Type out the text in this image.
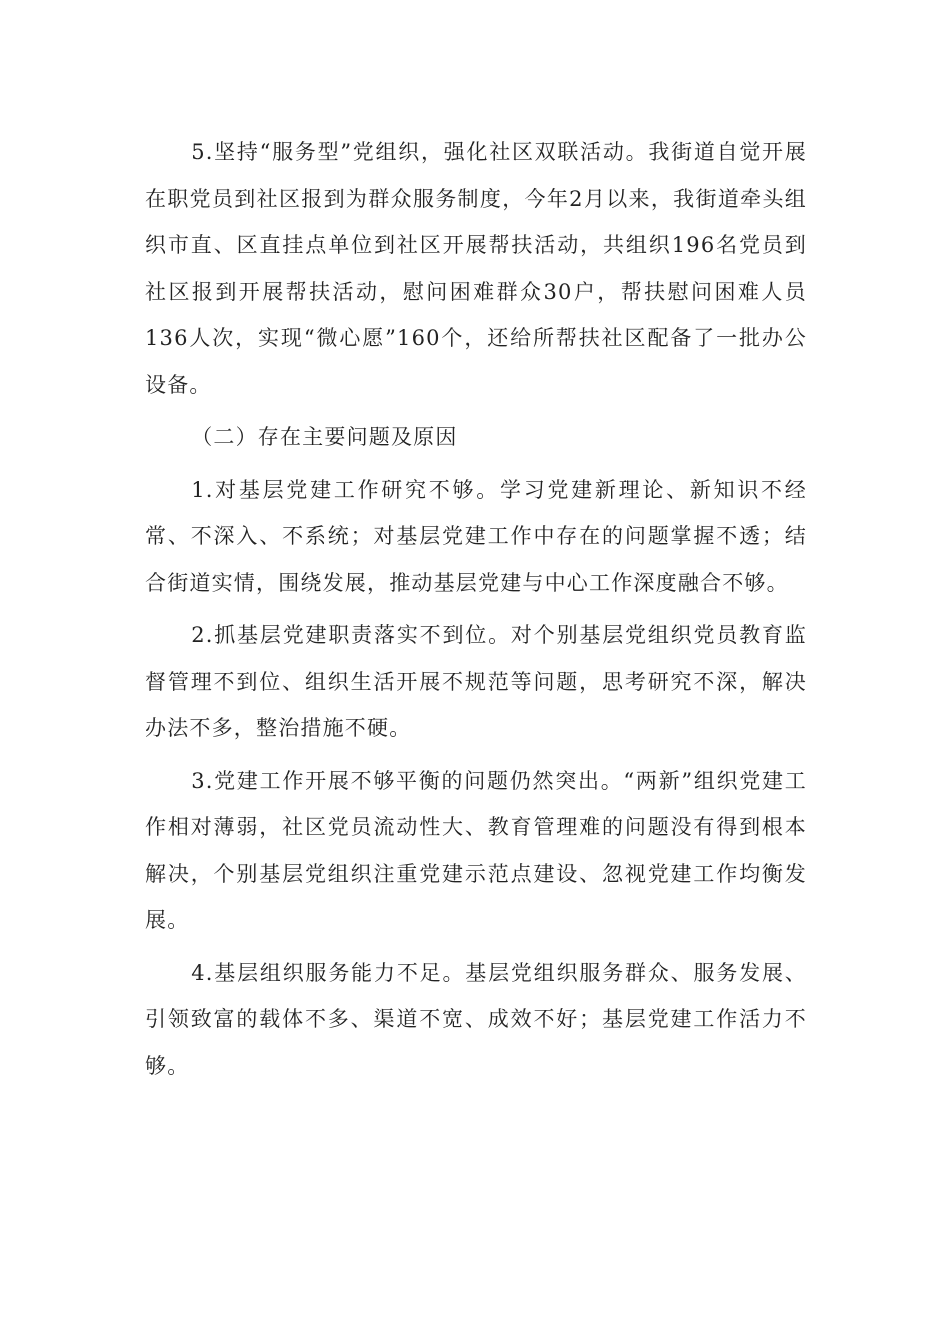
5.坚持“服务型”党组织，强化社区双联活动。我街道自觉开展在职党员到社区报到为群众服务制度，今年2月以来，我街道牵头组织市直、区直挂点单位到社区开展帮扶活动，共组织196名党员到社区报到开展帮扶活动，慰问困难群众30户，帮扶慰问困难人员136人次，实现“微心愿”160个，还给所帮扶社区配备了一批办公设备。

（二）存在主要问题及原因

1.对基层党建工作研究不够。学习党建新理论、新知识不经常、不深入、不系统；对基层党建工作中存在的问题掌握不透；结合街道实情，围绕发展，推动基层党建与中心工作深度融合不够。

2.抓基层党建职责落实不到位。对个别基层党组织党员教育监督管理不到位、组织生活开展不规范等问题，思考研究不深，解决办法不多，整治措施不硬。

3.党建工作开展不够平衡的问题仍然突出。“两新”组织党建工作相对薄弱，社区党员流动性大、教育管理难的问题没有得到根本解决，个别基层党组织注重党建示范点建设、忽视党建工作均衡发展。

4.基层组织服务能力不足。基层党组织服务群众、服务发展、引领致富的载体不多、渠道不宽、成效不好；基层党建工作活力不够。
